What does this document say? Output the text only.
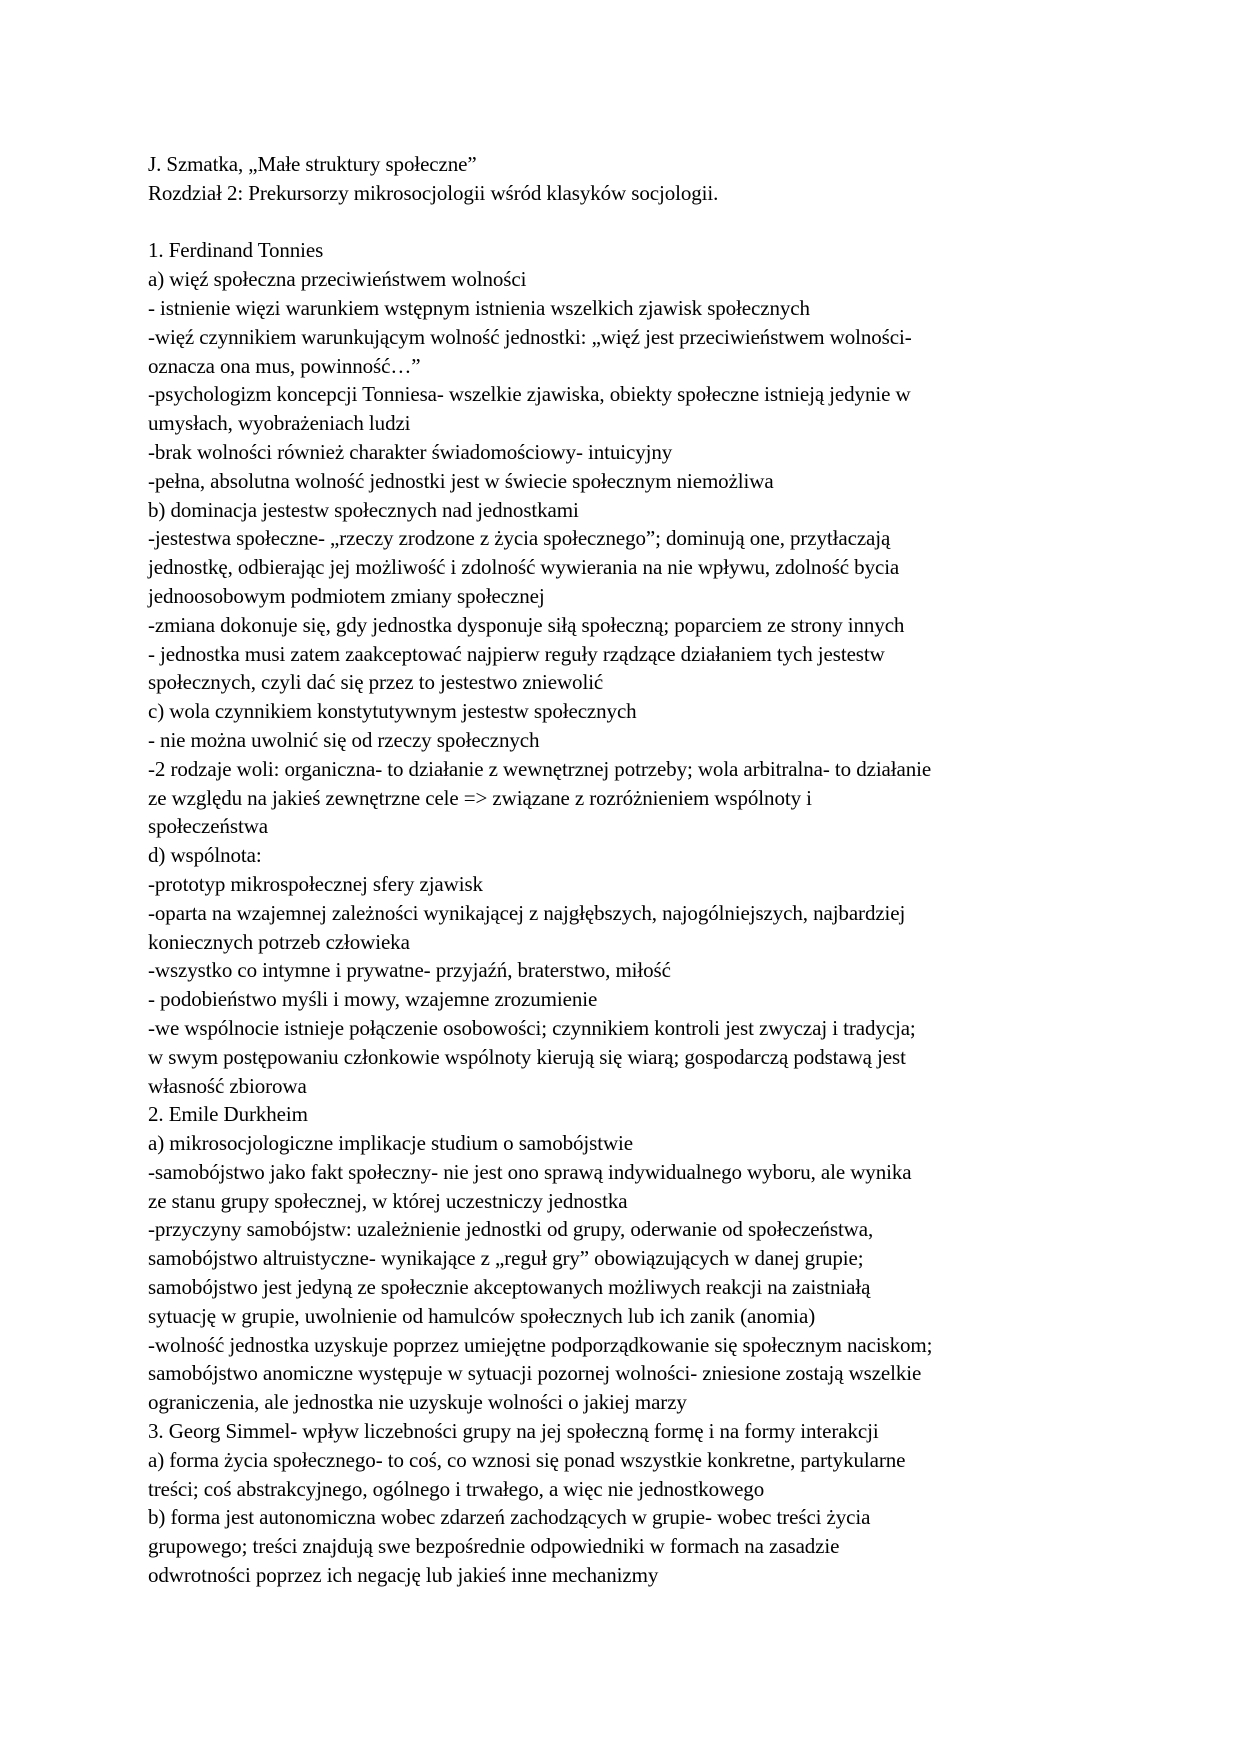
J. Szmatka, „Małe struktury społeczne”
Rozdział 2: Prekursorzy mikrosocjologii wśród klasyków socjologii.
1. Ferdinand Tonnies
a) więź społeczna przeciwieństwem wolności
- istnienie więzi warunkiem wstępnym istnienia wszelkich zjawisk społecznych
-więź czynnikiem warunkującym wolność jednostki: „więź jest przeciwieństwem wolności-
oznacza ona mus, powinność…”
-psychologizm koncepcji Tonniesa- wszelkie zjawiska, obiekty społeczne istnieją jedynie w
umysłach, wyobrażeniach ludzi
-brak wolności również charakter świadomościowy- intuicyjny
-pełna, absolutna wolność jednostki jest w świecie społecznym niemożliwa
b) dominacja jestestw społecznych nad jednostkami
-jestestwa społeczne- „rzeczy zrodzone z życia społecznego”; dominują one, przytłaczają
jednostkę, odbierając jej możliwość i zdolność wywierania na nie wpływu, zdolność bycia
jednoosobowym podmiotem zmiany społecznej
-zmiana dokonuje się, gdy jednostka dysponuje siłą społeczną; poparciem ze strony innych
- jednostka musi zatem zaakceptować najpierw reguły rządzące działaniem tych jestestw
społecznych, czyli dać się przez to jestestwo zniewolić
c) wola czynnikiem konstytutywnym jestestw społecznych
- nie można uwolnić się od rzeczy społecznych
-2 rodzaje woli: organiczna- to działanie z wewnętrznej potrzeby; wola arbitralna- to działanie
ze względu na jakieś zewnętrzne cele => związane z rozróżnieniem wspólnoty i
społeczeństwa
d) wspólnota:
-prototyp mikrospołecznej sfery zjawisk
-oparta na wzajemnej zależności wynikającej z najgłębszych, najogólniejszych, najbardziej
koniecznych potrzeb człowieka
-wszystko co intymne i prywatne- przyjaźń, braterstwo, miłość
- podobieństwo myśli i mowy, wzajemne zrozumienie
-we wspólnocie istnieje połączenie osobowości; czynnikiem kontroli jest zwyczaj i tradycja;
w swym postępowaniu członkowie wspólnoty kierują się wiarą; gospodarczą podstawą jest
własność zbiorowa
2. Emile Durkheim
a) mikrosocjologiczne implikacje studium o samobójstwie
-samobójstwo jako fakt społeczny- nie jest ono sprawą indywidualnego wyboru, ale wynika
ze stanu grupy społecznej, w której uczestniczy jednostka
-przyczyny samobójstw: uzależnienie jednostki od grupy, oderwanie od społeczeństwa,
samobójstwo altruistyczne- wynikające z „reguł gry” obowiązujących w danej grupie;
samobójstwo jest jedyną ze społecznie akceptowanych możliwych reakcji na zaistniałą
sytuację w grupie, uwolnienie od hamulców społecznych lub ich zanik (anomia)
-wolność jednostka uzyskuje poprzez umiejętne podporządkowanie się społecznym naciskom;
samobójstwo anomiczne występuje w sytuacji pozornej wolności- zniesione zostają wszelkie
ograniczenia, ale jednostka nie uzyskuje wolności o jakiej marzy
3. Georg Simmel- wpływ liczebności grupy na jej społeczną formę i na formy interakcji
a) forma życia społecznego- to coś, co wznosi się ponad wszystkie konkretne, partykularne
treści; coś abstrakcyjnego, ogólnego i trwałego, a więc nie jednostkowego
b) forma jest autonomiczna wobec zdarzeń zachodzących w grupie- wobec treści życia
grupowego; treści znajdują swe bezpośrednie odpowiedniki w formach na zasadzie
odwrotności poprzez ich negację lub jakieś inne mechanizmy
